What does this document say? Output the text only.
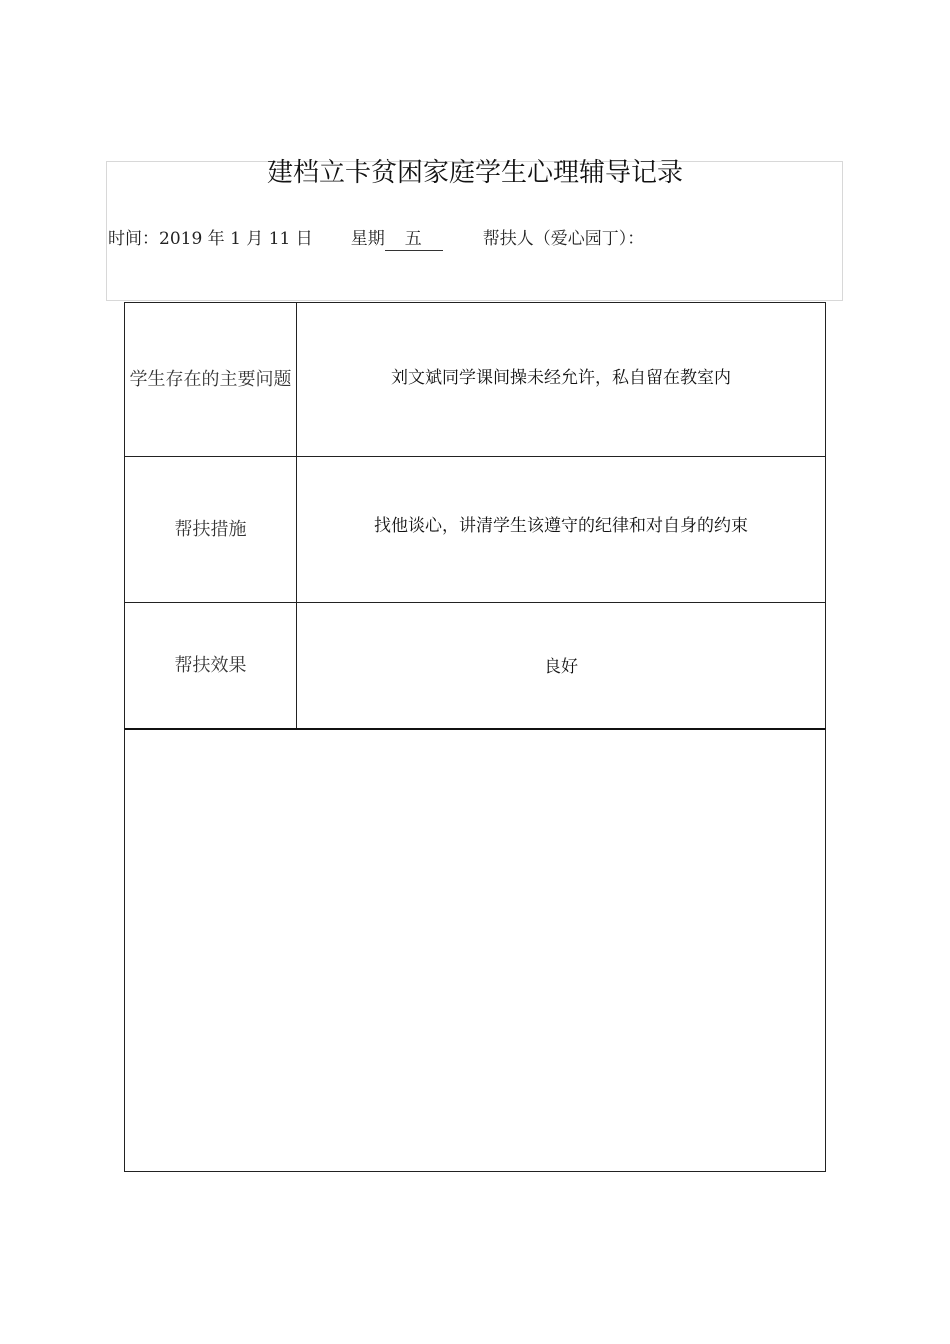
建档立卡贫困家庭学生心理辅导记录
时间：2019 年 1 月 11 日 星期 五	帮扶人（爱心园丁）：
学生存在的主要问题	刘文斌同学课间操未经允许，私自留在教室内
帮扶措施	找他谈心，讲清学生该遵守的纪律和对自身的约束
帮扶效果	良好
